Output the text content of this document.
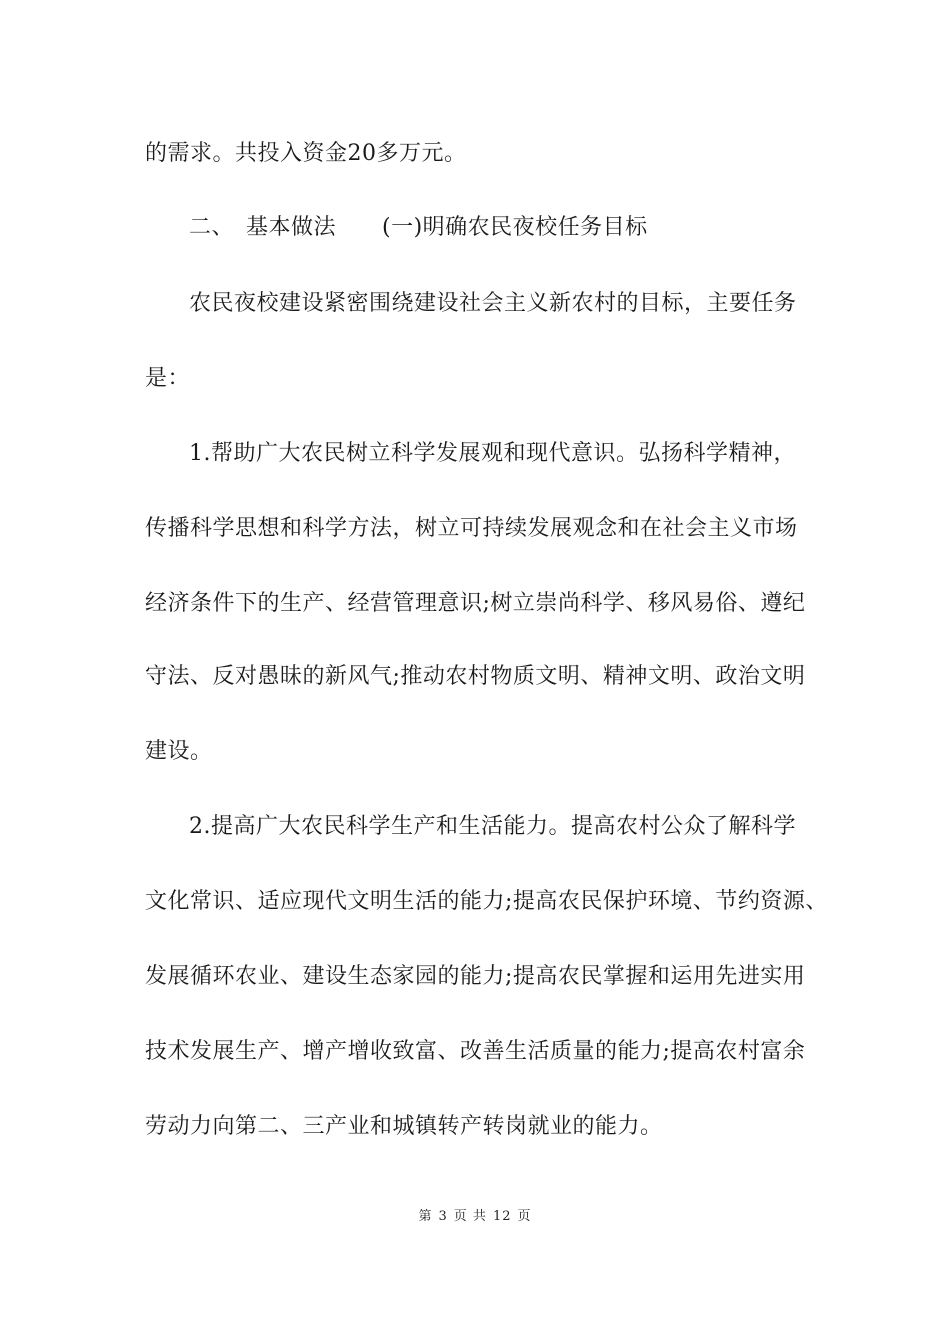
的需求。共投入资金20多万元。
二、 基本做法 (一)明确农民夜校任务目标
农民夜校建设紧密围绕建设社会主义新农村的目标，主要任务
是：
1.帮助广大农民树立科学发展观和现代意识。弘扬科学精神，
传播科学思想和科学方法，树立可持续发展观念和在社会主义市场
经济条件下的生产、经营管理意识;树立崇尚科学、移风易俗、遵纪
守法、反对愚昧的新风气;推动农村物质文明、精神文明、政治文明
建设。
2.提高广大农民科学生产和生活能力。提高农村公众了解科学
文化常识、适应现代文明生活的能力;提高农民保护环境、节约资源、
发展循环农业、建设生态家园的能力;提高农民掌握和运用先进实用
技术发展生产、增产增收致富、改善生活质量的能力;提高农村富余
劳动力向第二、三产业和城镇转产转岗就业的能力。
第 3 页 共 12 页
